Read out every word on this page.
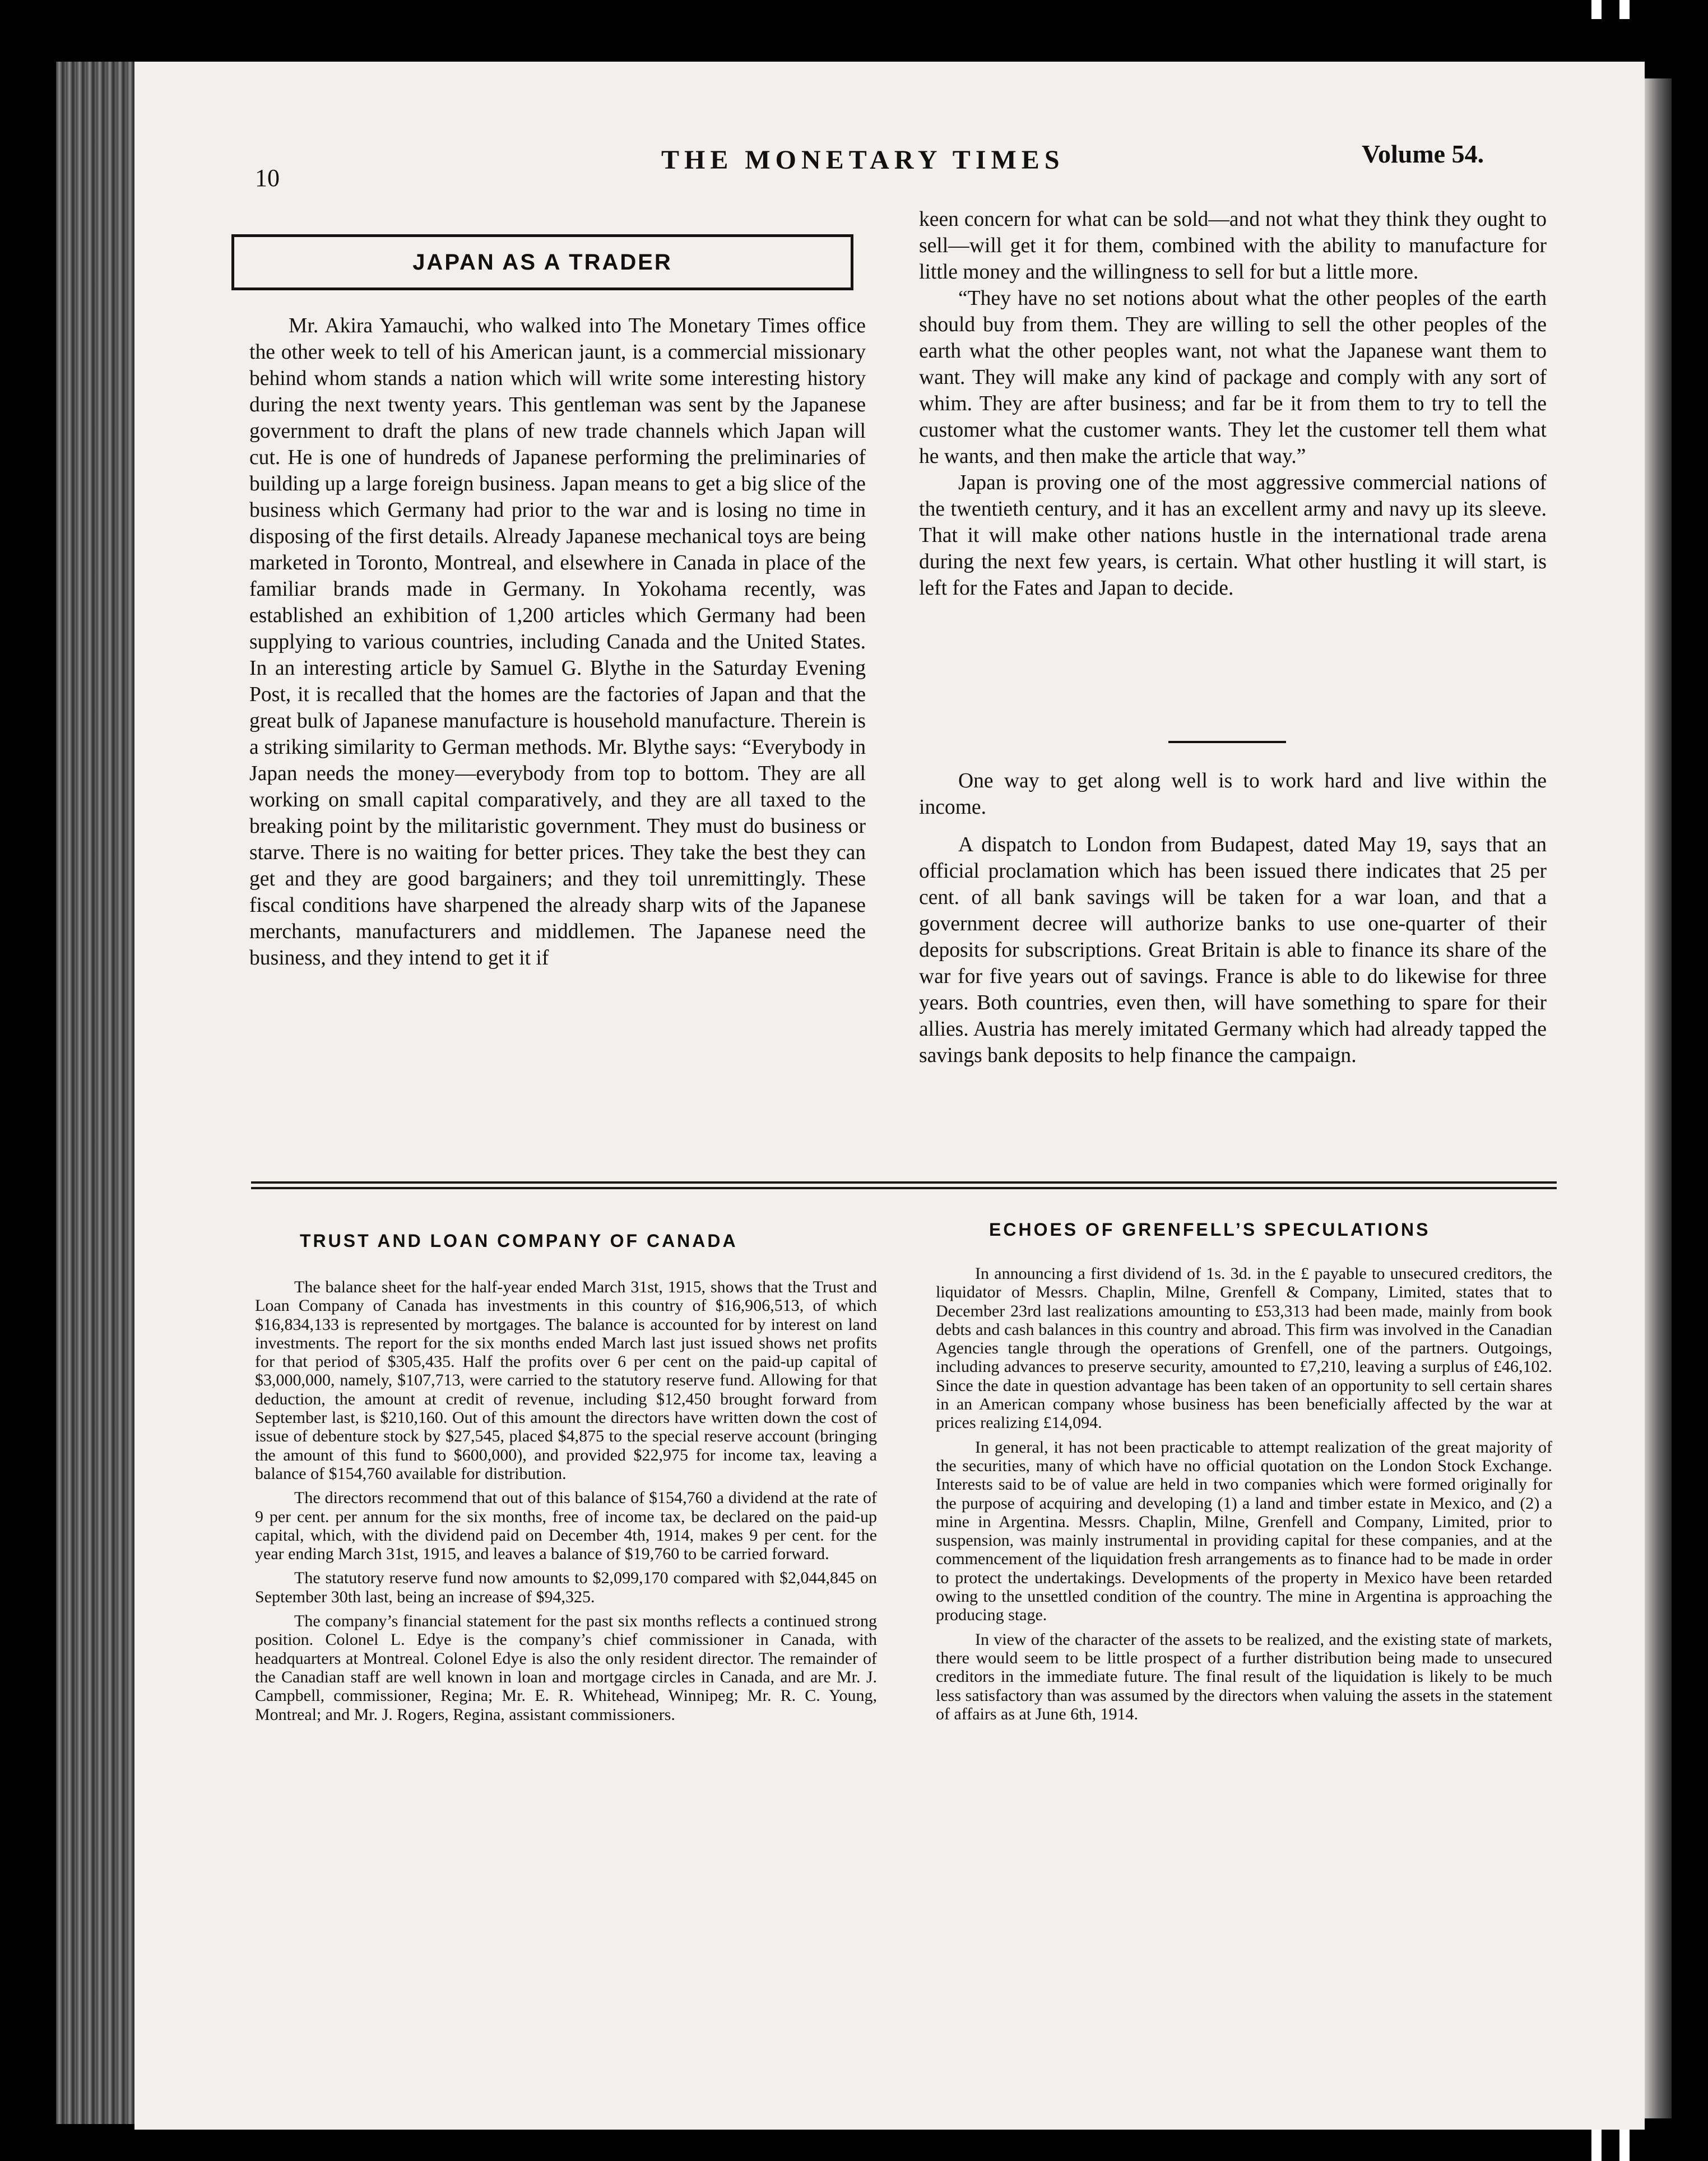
10
THE MONETARY TIMES	Volume 54.
JAPAN AS A TRADER

Mr. Akira Yamauchi, who walked into The Monetary Times office the other week to tell of his American jaunt, is a commercial missionary behind whom stands a nation which will write some interesting history during the next twenty years. This gentleman was sent by the Japanese government to draft the plans of new trade channels which Japan will cut. He is one of hundreds of Japanese performing the preliminaries of building up a large foreign business. Japan means to get a big slice of the business which Germany had prior to the war and is losing no time in disposing of the first details. Already Japanese mechanical toys are being marketed in Toronto, Montreal, and elsewhere in Canada in place of the familiar brands made in Germany. In Yokohama recently, was established an exhibition of 1,200 articles which Germany had been supplying to various countries, including Canada and the United States. In an interesting article by Samuel G. Blythe in the Saturday Evening Post, it is recalled that the homes are the factories of Japan and that the great bulk of Japanese manufacture is household manufacture. Therein is a striking similarity to German methods. Mr. Blythe says: “Everybody in Japan needs the money—everybody from top to bottom. They are all working on small capital comparatively, and they are all taxed to the breaking point by the militaristic government. They must do business or starve. There is no waiting for better prices. They take the best they can get and they are good bargainers; and they toil unremittingly. These fiscal conditions have sharpened the already sharp wits of the Japanese merchants, manufacturers and middlemen. The Japanese need the business, and they intend to get it if

keen concern for what can be sold—and not what they think they ought to sell—will get it for them, combined with the ability to manufacture for little money and the willingness to sell for but a little more.

“They have no set notions about what the other peoples of the earth should buy from them. They are willing to sell the other peoples of the earth what the other peoples want, not what the Japanese want them to want. They will make any kind of package and comply with any sort of whim. They are after business; and far be it from them to try to tell the customer what the customer wants. They let the customer tell them what he wants, and then make the article that way.”

Japan is proving one of the most aggressive commercial nations of the twentieth century, and it has an excellent army and navy up its sleeve. That it will make other nations hustle in the international trade arena during the next few years, is certain. What other hustling it will start, is left for the Fates and Japan to decide.

One way to get along well is to work hard and live within the income.

A dispatch to London from Budapest, dated May 19, says that an official proclamation which has been issued there indicates that 25 per cent. of all bank savings will be taken for a war loan, and that a government decree will authorize banks to use one-quarter of their deposits for subscriptions. Great Britain is able to finance its share of the war for five years out of savings. France is able to do likewise for three years. Both countries, even then, will have something to spare for their allies. Austria has merely imitated Germany which had already tapped the savings bank deposits to help finance the campaign.

TRUST AND LOAN COMPANY OF CANADA
ECHOES OF GRENFELL’S SPECULATIONS

The balance sheet for the half-year ended March 31st, 1915, shows that the Trust and Loan Company of Canada has investments in this country of $16,906,513, of which $16,834,133 is represented by mortgages. The balance is accounted for by interest on land investments. The report for the six months ended March last just issued shows net profits for that period of $305,435. Half the profits over 6 per cent on the paid-up capital of $3,000,000, namely, $107,713, were carried to the statutory reserve fund. Allowing for that deduction, the amount at credit of revenue, including $12,450 brought forward from September last, is $210,160. Out of this amount the directors have written down the cost of issue of debenture stock by $27,545, placed $4,875 to the special reserve account (bringing the amount of this fund to $600,000), and provided $22,975 for income tax, leaving a balance of $154,760 available for distribution.

The directors recommend that out of this balance of $154,760 a dividend at the rate of 9 per cent. per annum for the six months, free of income tax, be declared on the paid-up capital, which, with the dividend paid on December 4th, 1914, makes 9 per cent. for the year ending March 31st, 1915, and leaves a balance of $19,760 to be carried forward.

The statutory reserve fund now amounts to $2,099,170 compared with $2,044,845 on September 30th last, being an increase of $94,325.

The company’s financial statement for the past six months reflects a continued strong position. Colonel L. Edye is the company’s chief commissioner in Canada, with headquarters at Montreal. Colonel Edye is also the only resident director. The remainder of the Canadian staff are well known in loan and mortgage circles in Canada, and are Mr. J. Campbell, commissioner, Regina; Mr. E. R. Whitehead, Winnipeg; Mr. R. C. Young, Montreal; and Mr. J. Rogers, Regina, assistant commissioners.

In announcing a first dividend of 1s. 3d. in the £ payable to unsecured creditors, the liquidator of Messrs. Chaplin, Milne, Grenfell & Company, Limited, states that to December 23rd last realizations amounting to £53,313 had been made, mainly from book debts and cash balances in this country and abroad. This firm was involved in the Canadian Agencies tangle through the operations of Grenfell, one of the partners. Outgoings, including advances to preserve security, amounted to £7,210, leaving a surplus of £46,102. Since the date in question advantage has been taken of an opportunity to sell certain shares in an American company whose business has been beneficially affected by the war at prices realizing £14,094.

In general, it has not been practicable to attempt realization of the great majority of the securities, many of which have no official quotation on the London Stock Exchange. Interests said to be of value are held in two companies which were formed originally for the purpose of acquiring and developing (1) a land and timber estate in Mexico, and (2) a mine in Argentina. Messrs. Chaplin, Milne, Grenfell and Company, Limited, prior to suspension, was mainly instrumental in providing capital for these companies, and at the commencement of the liquidation fresh arrangements as to finance had to be made in order to protect the undertakings. Developments of the property in Mexico have been retarded owing to the unsettled condition of the country. The mine in Argentina is approaching the producing stage.

In view of the character of the assets to be realized, and the existing state of markets, there would seem to be little prospect of a further distribution being made to unsecured creditors in the immediate future. The final result of the liquidation is likely to be much less satisfactory than was assumed by the directors when valuing the assets in the statement of affairs as at June 6th, 1914.
